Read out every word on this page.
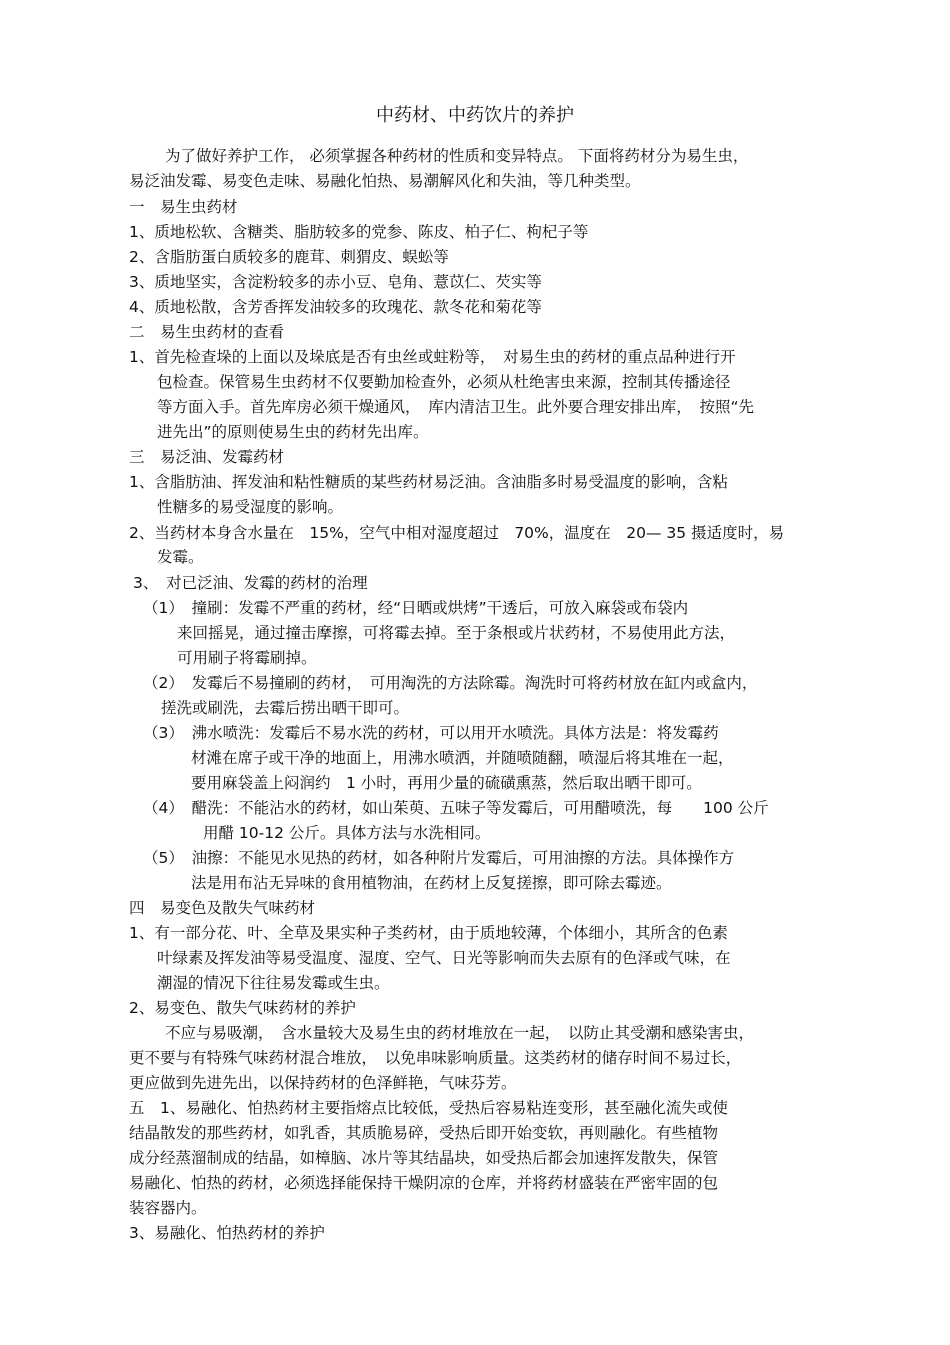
中药材、中药饮片的养护
为了做好养护工作， 必须掌握各种药材的性质和变异特点。 下面将药材分为易生虫，
易泛油发霉、易变色走味、易融化怕热、易潮解风化和失油，等几种类型。
一　易生虫药材
1、质地松软、含糖类、脂肪较多的党参、陈皮、柏子仁、枸杞子等
2、含脂肪蛋白质较多的鹿茸、刺猬皮、蜈蚣等
3、质地坚实，含淀粉较多的赤小豆、皂角、薏苡仁、芡实等
4、质地松散，含芳香挥发油较多的玫瑰花、款冬花和菊花等
二　易生虫药材的查看
1、首先检查垛的上面以及垛底是否有虫丝或蛀粉等，　对易生虫的药材的重点品种进行开
包检查。保管易生虫药材不仅要勤加检查外，必须从杜绝害虫来源，控制其传播途径
等方面入手。首先库房必须干燥通风，　库内清洁卫生。此外要合理安排出库，　按照“先
进先出”的原则使易生虫的药材先出库。
三　易泛油、发霉药材
1、含脂肪油、挥发油和粘性糖质的某些药材易泛油。含油脂多时易受温度的影响，含粘
性糖多的易受湿度的影响。
2、当药材本身含水量在　15%，空气中相对湿度超过　70%，温度在　20— 35 摄适度时，易
发霉。
3、　对已泛油、发霉的药材的治理
（1）　撞刷：发霉不严重的药材，经“日晒或烘烤”干透后，可放入麻袋或布袋内
来回摇晃，通过撞击摩擦，可将霉去掉。至于条根或片状药材，不易使用此方法，
可用刷子将霉刷掉。
（2）　发霉后不易撞刷的药材，　可用淘洗的方法除霉。淘洗时可将药材放在缸内或盒内，
搓洗或刷洗，去霉后捞出晒干即可。
（3）　沸水喷洗：发霉后不易水洗的药材，可以用开水喷洗。具体方法是：将发霉药
材滩在席子或干净的地面上，用沸水喷洒，并随喷随翻，喷湿后将其堆在一起，
要用麻袋盖上闷润约　1 小时，再用少量的硫磺熏蒸，然后取出晒干即可。
（4）　醋洗：不能沾水的药材，如山茱萸、五味子等发霉后，可用醋喷洗，每　　100 公斤
用醋 10-12 公斤。具体方法与水洗相同。
（5）　油擦：不能见水见热的药材，如各种附片发霉后，可用油擦的方法。具体操作方
法是用布沾无异味的食用植物油，在药材上反复搓擦，即可除去霉迹。
四　易变色及散失气味药材
1、有一部分花、叶、全草及果实种子类药材，由于质地较薄，个体细小，其所含的色素
叶绿素及挥发油等易受温度、湿度、空气、日光等影响而失去原有的色泽或气味，在
潮湿的情况下往往易发霉或生虫。
2、易变色、散失气味药材的养护
不应与易吸潮，　含水量较大及易生虫的药材堆放在一起，　以防止其受潮和感染害虫，
更不要与有特殊气味药材混合堆放，　以免串味影响质量。这类药材的储存时间不易过长，
更应做到先进先出，以保持药材的色泽鲜艳，气味芬芳。
五　1、易融化、怕热药材主要指熔点比较低，受热后容易粘连变形，甚至融化流失或使
结晶散发的那些药材，如乳香，其质脆易碎，受热后即开始变软，再则融化。有些植物
成分经蒸溜制成的结晶，如樟脑、冰片等其结晶块，如受热后都会加速挥发散失，保管
易融化、怕热的药材，必须选择能保持干燥阴凉的仓库，并将药材盛装在严密牢固的包
装容器内。
3、易融化、怕热药材的养护
